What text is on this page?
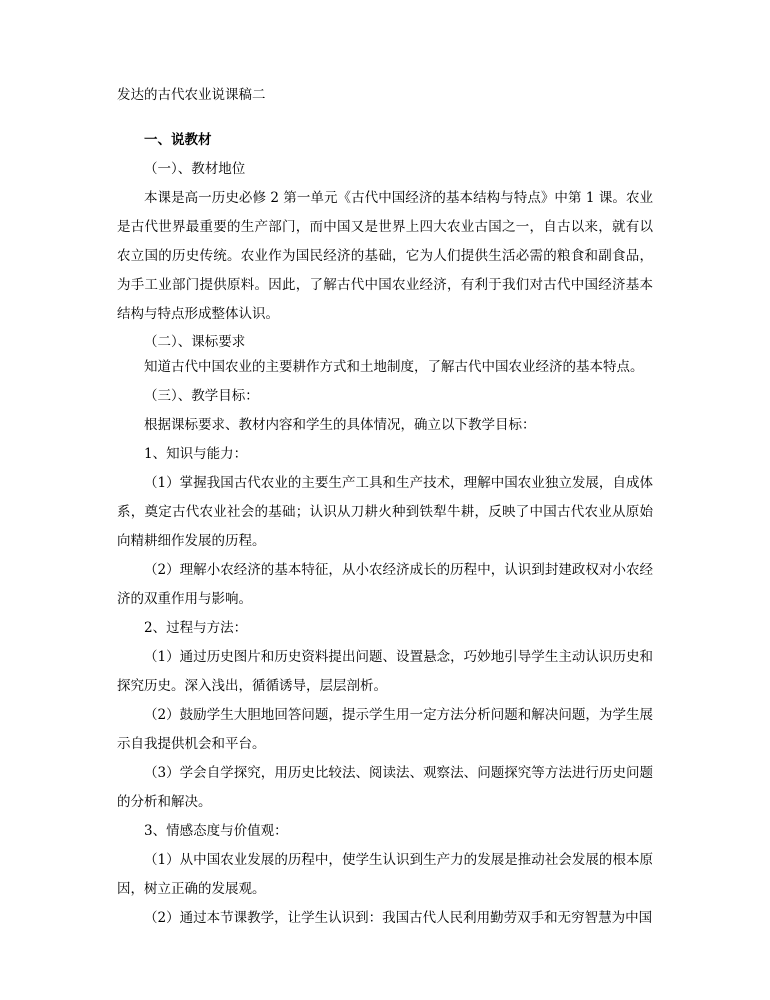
发达的古代农业说课稿二

一、说教材

（一）、教材地位

本课是高一历史必修 2 第一单元《古代中国经济的基本结构与特点》中第 1 课。农业是古代世界最重要的生产部门，而中国又是世界上四大农业古国之一，自古以来，就有以农立国的历史传统。农业作为国民经济的基础，它为人们提供生活必需的粮食和副食品，为手工业部门提供原料。因此，了解古代中国农业经济，有利于我们对古代中国经济基本结构与特点形成整体认识。

（二）、课标要求

知道古代中国农业的主要耕作方式和土地制度，了解古代中国农业经济的基本特点。

（三）、教学目标：

根据课标要求、教材内容和学生的具体情况，确立以下教学目标：

1、知识与能力：

（1）掌握我国古代农业的主要生产工具和生产技术，理解中国农业独立发展，自成体系，奠定古代农业社会的基础；认识从刀耕火种到铁犁牛耕，反映了中国古代农业从原始向精耕细作发展的历程。

（2）理解小农经济的基本特征，从小农经济成长的历程中，认识到封建政权对小农经济的双重作用与影响。

2、过程与方法：

（1）通过历史图片和历史资料提出问题、设置悬念，巧妙地引导学生主动认识历史和探究历史。深入浅出，循循诱导，层层剖析。

（2）鼓励学生大胆地回答问题，提示学生用一定方法分析问题和解决问题，为学生展示自我提供机会和平台。

（3）学会自学探究，用历史比较法、阅读法、观察法、问题探究等方法进行历史问题的分析和解决。

3、情感态度与价值观：

（1）从中国农业发展的历程中，使学生认识到生产力的发展是推动社会发展的根本原因，树立正确的发展观。

（2）通过本节课教学，让学生认识到：我国古代人民利用勤劳双手和无穷智慧为中国
